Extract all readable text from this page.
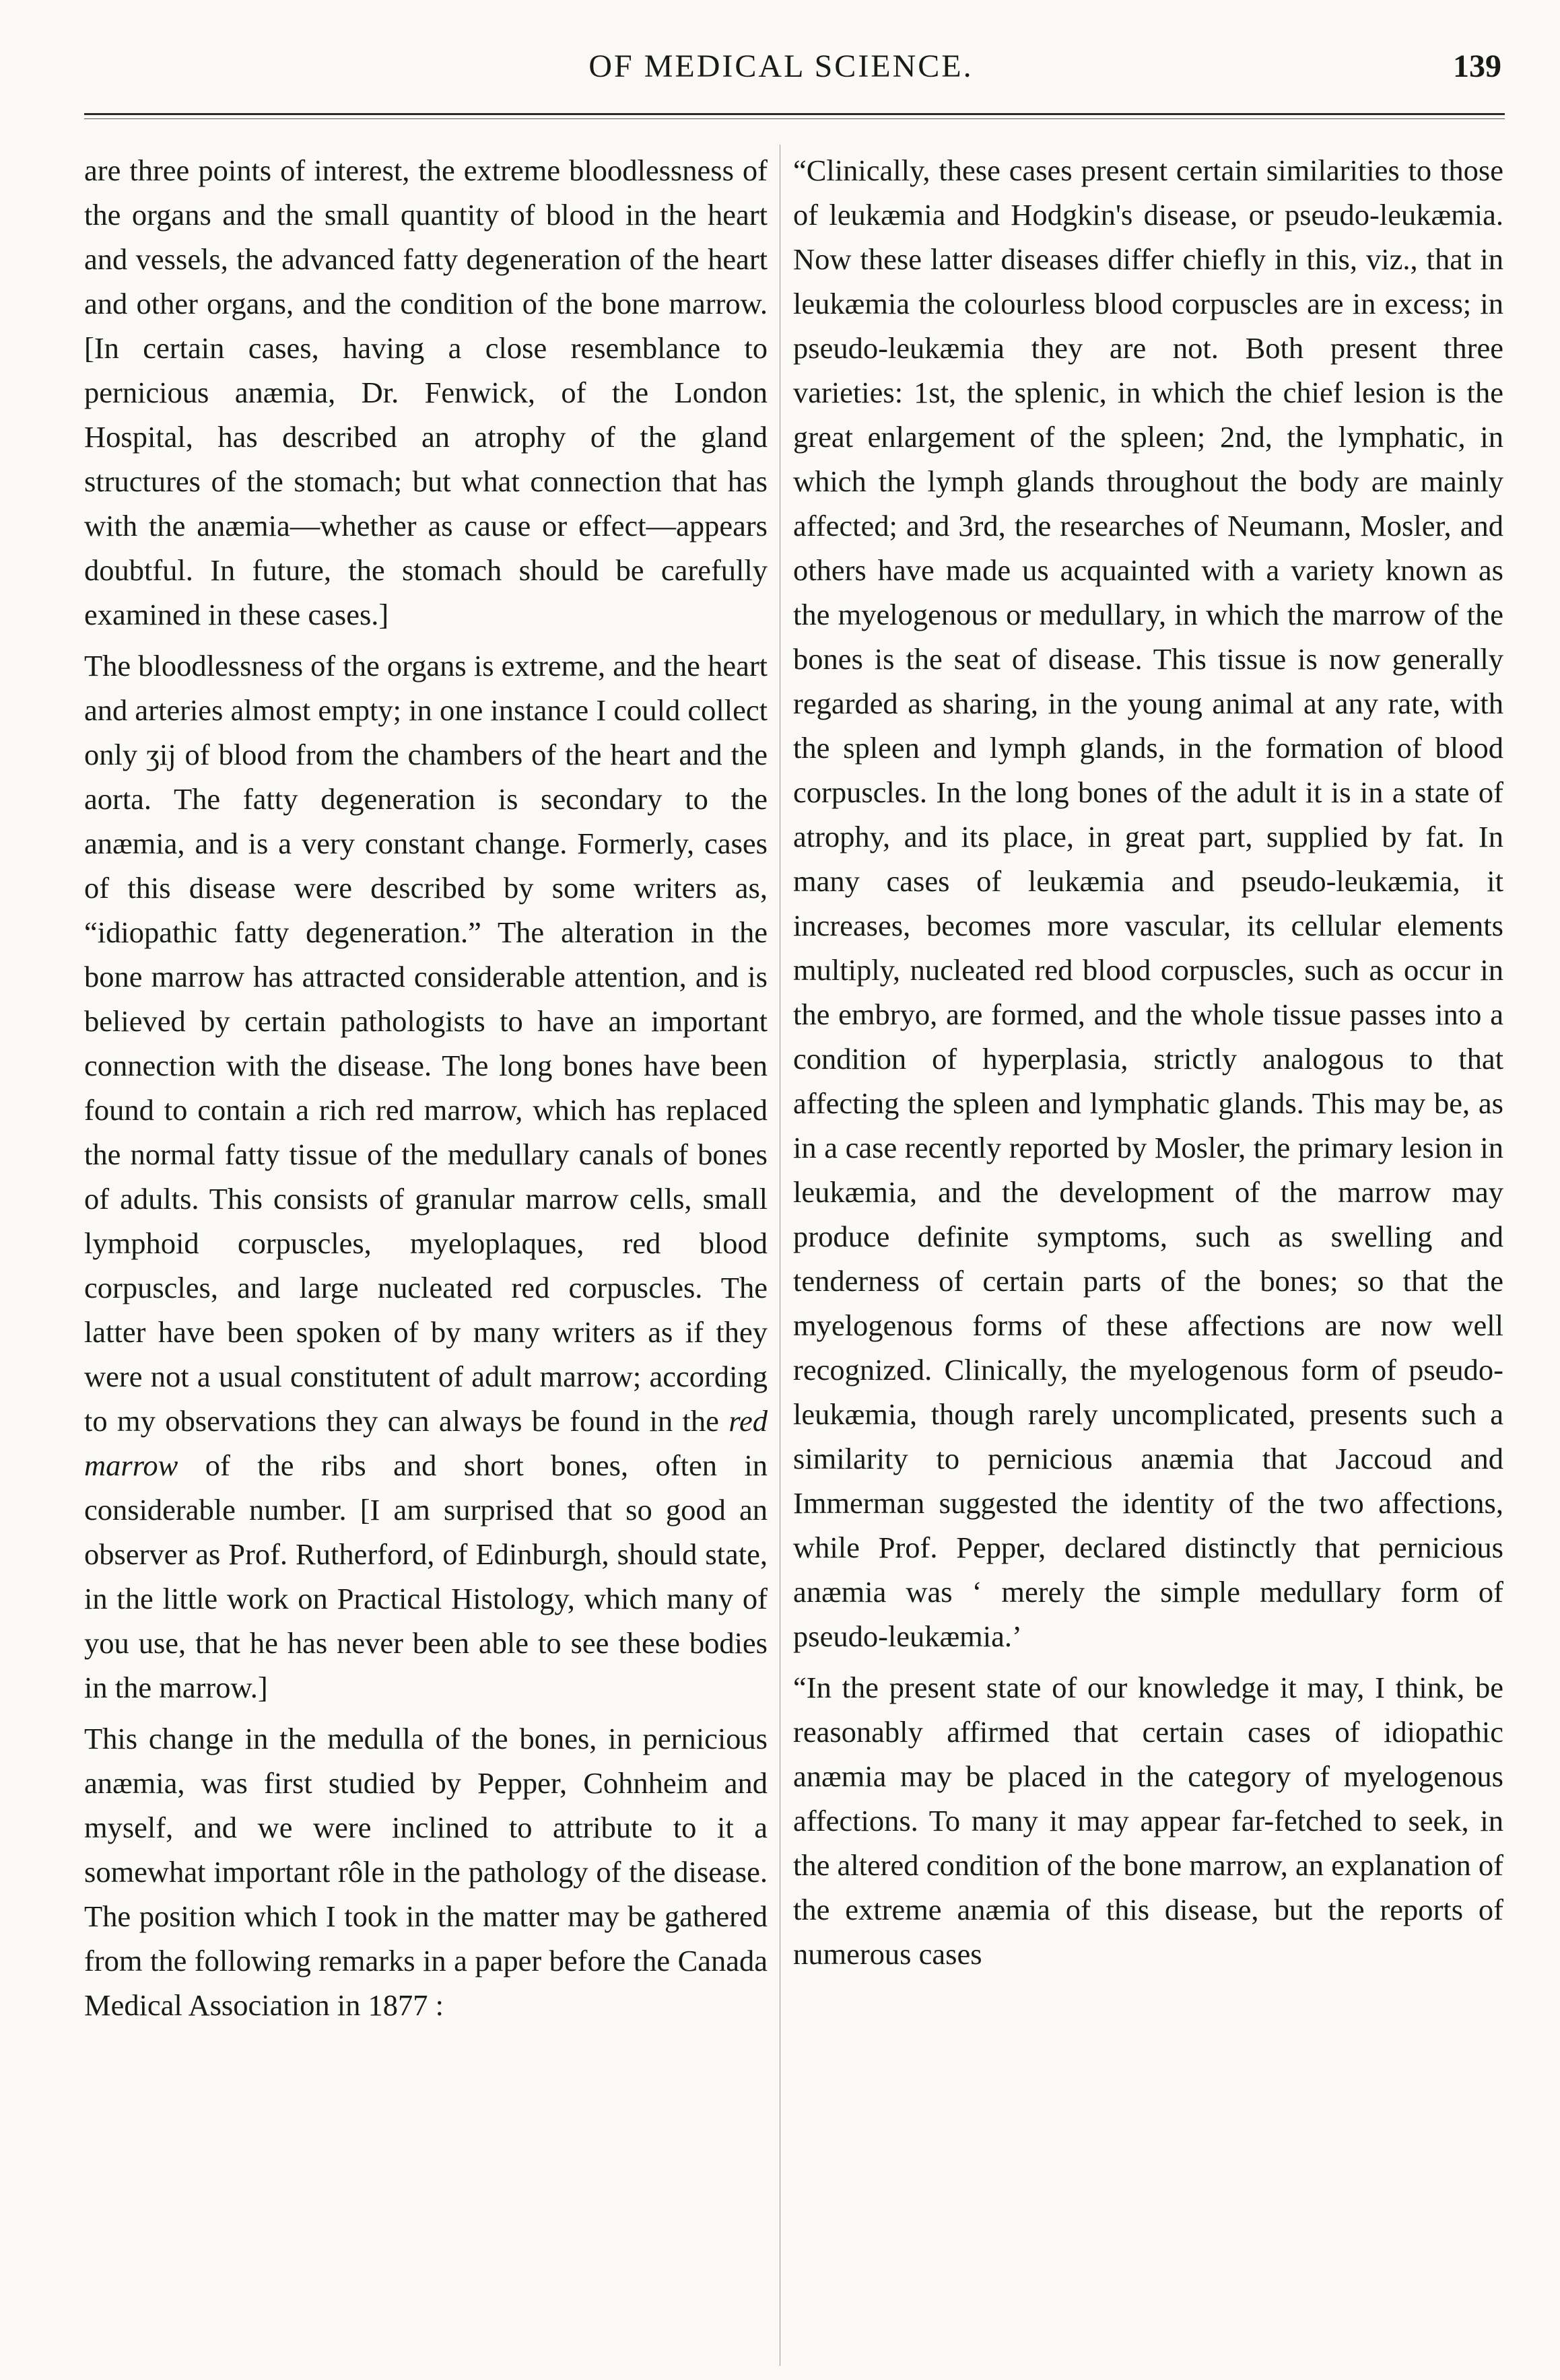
OF MEDICAL SCIENCE.	139

are three points of interest, the extreme bloodlessness of the organs and the small quantity of blood in the heart and vessels, the advanced fatty degeneration of the heart and other organs, and the condition of the bone marrow. [In certain cases, having a close resemblance to pernicious anæmia, Dr. Fenwick, of the London Hospital, has described an atrophy of the gland structures of the stomach; but what connection that has with the anæmia—whether as cause or effect—appears doubtful. In future, the stomach should be carefully examined in these cases.]

The bloodlessness of the organs is extreme, and the heart and arteries almost empty; in one instance I could collect only ʒij of blood from the chambers of the heart and the aorta. The fatty degeneration is secondary to the anæmia, and is a very constant change. Formerly, cases of this disease were described by some writers as, “idiopathic fatty degeneration.” The alteration in the bone marrow has attracted considerable attention, and is believed by certain pathologists to have an important connection with the disease. The long bones have been found to contain a rich red marrow, which has replaced the normal fatty tissue of the medullary canals of bones of adults. This consists of granular marrow cells, small lymphoid corpuscles, myeloplaques, red blood corpuscles, and large nucleated red corpuscles. The latter have been spoken of by many writers as if they were not a usual constitutent of adult marrow; according to my observations they can always be found in the red marrow of the ribs and short bones, often in considerable number. [I am surprised that so good an observer as Prof. Rutherford, of Edinburgh, should state, in the little work on Practical Histology, which many of you use, that he has never been able to see these bodies in the marrow.]

This change in the medulla of the bones, in pernicious anæmia, was first studied by Pepper, Cohnheim and myself, and we were inclined to attribute to it a somewhat important rôle in the pathology of the disease. The position which I took in the matter may be gathered from the following remarks in a paper before the Canada Medical Association in 1877 :

“Clinically, these cases present certain similarities to those of leukæmia and Hodgkin's disease, or pseudo-leukæmia. Now these latter diseases differ chiefly in this, viz., that in leukæmia the colourless blood corpuscles are in excess; in pseudo-leukæmia they are not. Both present three varieties: 1st, the splenic, in which the chief lesion is the great enlargement of the spleen; 2nd, the lymphatic, in which the lymph glands throughout the body are mainly affected; and 3rd, the researches of Neumann, Mosler, and others have made us acquainted with a variety known as the myelogenous or medullary, in which the marrow of the bones is the seat of disease. This tissue is now generally regarded as sharing, in the young animal at any rate, with the spleen and lymph glands, in the formation of blood corpuscles. In the long bones of the adult it is in a state of atrophy, and its place, in great part, supplied by fat. In many cases of leukæmia and pseudo-leukæmia, it increases, becomes more vascular, its cellular elements multiply, nucleated red blood corpuscles, such as occur in the embryo, are formed, and the whole tissue passes into a condition of hyperplasia, strictly analogous to that affecting the spleen and lymphatic glands. This may be, as in a case recently reported by Mosler, the primary lesion in leukæmia, and the development of the marrow may produce definite symptoms, such as swelling and tenderness of certain parts of the bones; so that the myelogenous forms of these affections are now well recognized. Clinically, the myelogenous form of pseudo-leukæmia, though rarely uncomplicated, presents such a similarity to pernicious anæmia that Jaccoud and Immerman suggested the identity of the two affections, while Prof. Pepper, declared distinctly that pernicious anæmia was ‘ merely the simple medullary form of pseudo-leukæmia.’

“In the present state of our knowledge it may, I think, be reasonably affirmed that certain cases of idiopathic anæmia may be placed in the category of myelogenous affections. To many it may appear far-fetched to seek, in the altered condition of the bone marrow, an explanation of the extreme anæmia of this disease, but the reports of numerous cases
